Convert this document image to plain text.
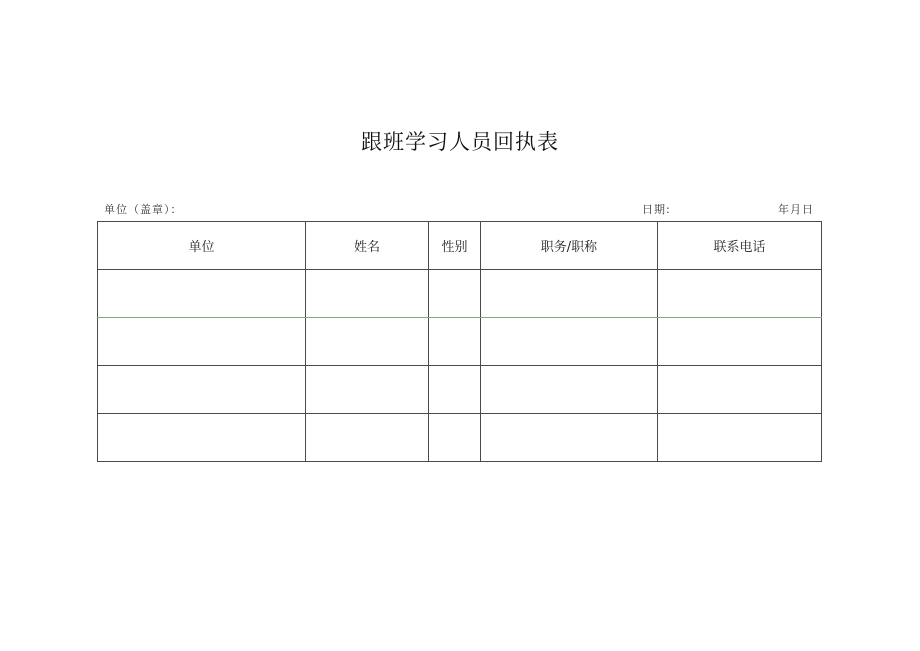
跟班学习人员回执表
单位（盖章）：	日期:	年月日
单位	姓名	性别	职务/职称	联系电话
